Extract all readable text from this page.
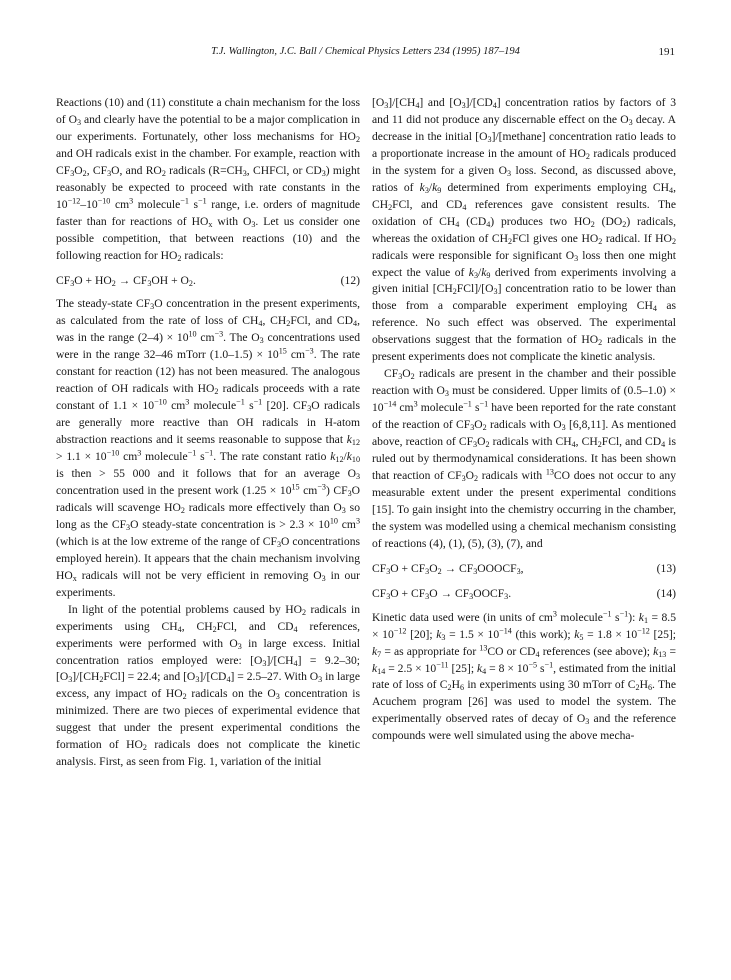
T.J. Wallington, J.C. Ball / Chemical Physics Letters 234 (1995) 187–194	191

Reactions (10) and (11) constitute a chain mechanism for the loss of $O_3$ and clearly have the potential to be a major complication in our experiments. Fortunately, other loss mechanisms for $HO_2$ and OH radicals exist in the chamber. For example, reaction with $CF_3O_2$, $CF_3O$, and $RO_2$ radicals ($R=CH_3$, CHFCl, or $CD_3$) might reasonably be expected to proceed with rate constants in the $10^{-12}-10^{-10}$ $cm^3$ molecule$^{-1}$ $s^{-1}$ range, i.e. orders of magnitude faster than for reactions of $HO_x$ with $O_3$. Let us consider one possible competition, that between reactions (10) and the following reaction for $HO_2$ radicals:

$CF_3O + HO_2 \to CF_3OH + O_2$.	(12)

The steady-state $CF_3O$ concentration in the present experiments, as calculated from the rate of loss of $CH_4$, $CH_2FCl$, and $CD_4$, was in the range $(2-4) \times 10^{10}$ $cm^{-3}$. The $O_3$ concentrations used were in the range 32–46 mTorr $(1.0-1.5) \times 10^{15}$ $cm^{-3}$. The rate constant for reaction (12) has not been measured. The analogous reaction of OH radicals with $HO_2$ radicals proceeds with a rate constant of $1.1 \times 10^{-10}$ $cm^3$ molecule$^{-1}$ $s^{-1}$ [20]. $CF_3O$ radicals are generally more reactive than OH radicals in H-atom abstraction reactions and it seems reasonable to suppose that $k_{12} > 1.1 \times 10^{-10}$ $cm^3$ molecule$^{-1}$ $s^{-1}$. The rate constant ratio $k_{12}/k_{10}$ is then > 55 000 and it follows that for an average $O_3$ concentration used in the present work ($1.25 \times 10^{15}$ $cm^{-3}$) $CF_3O$ radicals will scavenge $HO_2$ radicals more effectively than $O_3$ so long as the $CF_3O$ steady-state concentration is > $2.3 \times 10^{10}$ $cm^3$ (which is at the low extreme of the range of $CF_3O$ concentrations employed herein). It appears that the chain mechanism involving $HO_x$ radicals will not be very efficient in removing $O_3$ in our experiments.

In light of the potential problems caused by $HO_2$ radicals in experiments using $CH_4$, $CH_2FCl$, and $CD_4$ references, experiments were performed with $O_3$ in large excess. Initial concentration ratios employed were: $[O_3]/[CH_4] = 9.2-30$; $[O_3]/[CH_2FCl] = 22.4$; and $[O_3]/[CD_4] = 2.5-27$. With $O_3$ in large excess, any impact of $HO_2$ radicals on the $O_3$ concentration is minimized. There are two pieces of experimental evidence that suggest that under the present experimental conditions the formation of $HO_2$ radicals does not complicate the kinetic analysis. First, as seen from Fig. 1, variation of the initial

$[O_3]/[CH_4]$ and $[O_3]/[CD_4]$ concentration ratios by factors of 3 and 11 did not produce any discernable effect on the $O_3$ decay. A decrease in the initial $[O_3]/[methane]$ concentration ratio leads to a proportionate increase in the amount of $HO_2$ radicals produced in the system for a given $O_3$ loss. Second, as discussed above, ratios of $k_3/k_9$ determined from experiments employing $CH_4$, $CH_2FCl$, and $CD_4$ references gave consistent results. The oxidation of $CH_4$ $(CD_4)$ produces two $HO_2$ $(DO_2)$ radicals, whereas the oxidation of $CH_2FCl$ gives one $HO_2$ radical. If $HO_2$ radicals were responsible for significant $O_3$ loss then one might expect the value of $k_3/k_9$ derived from experiments involving a given initial $[CH_2FCl]/[O_3]$ concentration ratio to be lower than those from a comparable experiment employing $CH_4$ as reference. No such effect was observed. The experimental observations suggest that the formation of $HO_2$ radicals in the present experiments does not complicate the kinetic analysis.

$CF_3O_2$ radicals are present in the chamber and their possible reaction with $O_3$ must be considered. Upper limits of $(0.5-1.0) \times 10^{-14}$ $cm^3$ molecule$^{-1}$ $s^{-1}$ have been reported for the rate constant of the reaction of $CF_3O_2$ radicals with $O_3$ [6,8,11]. As mentioned above, reaction of $CF_3O_2$ radicals with $CH_4$, $CH_2FCl$, and $CD_4$ is ruled out by thermodynamical considerations. It has been shown that reaction of $CF_3O_2$ radicals with $^{13}$CO does not occur to any measurable extent under the present experimental conditions [15]. To gain insight into the chemistry occurring in the chamber, the system was modelled using a chemical mechanism consisting of reactions (4), (1), (5), (3), (7), and

$CF_3O + CF_3O_2$ → $CF_3OOOCF_3$,	(13)
$CF_3O + CF_3O$ → $CF_3OOCF_3$.	(14)

Kinetic data used were (in units of $cm^3$ molecule$^{-1}$ $s^{-1}$): $k_1 = 8.5 \times 10^{-12}$ [20]; $k_3 = 1.5 \times 10^{-14}$ (this work); $k_5 = 1.8 \times 10^{-12}$ [25]; $k_7$ = as appropriate for $^{13}$CO or $CD_4$ references (see above); $k_{13} = k_{14} = 2.5 \times 10^{-11}$ [25]; $k_4 = 8 \times 10^{-5}$ $s^{-1}$, estimated from the initial rate of loss of $C_2H_6$ in experiments using 30 mTorr of $C_2H_6$. The Acuchem program [26] was used to model the system. The experimentally observed rates of decay of $O_3$ and the reference compounds were well simulated using the above mecha-
